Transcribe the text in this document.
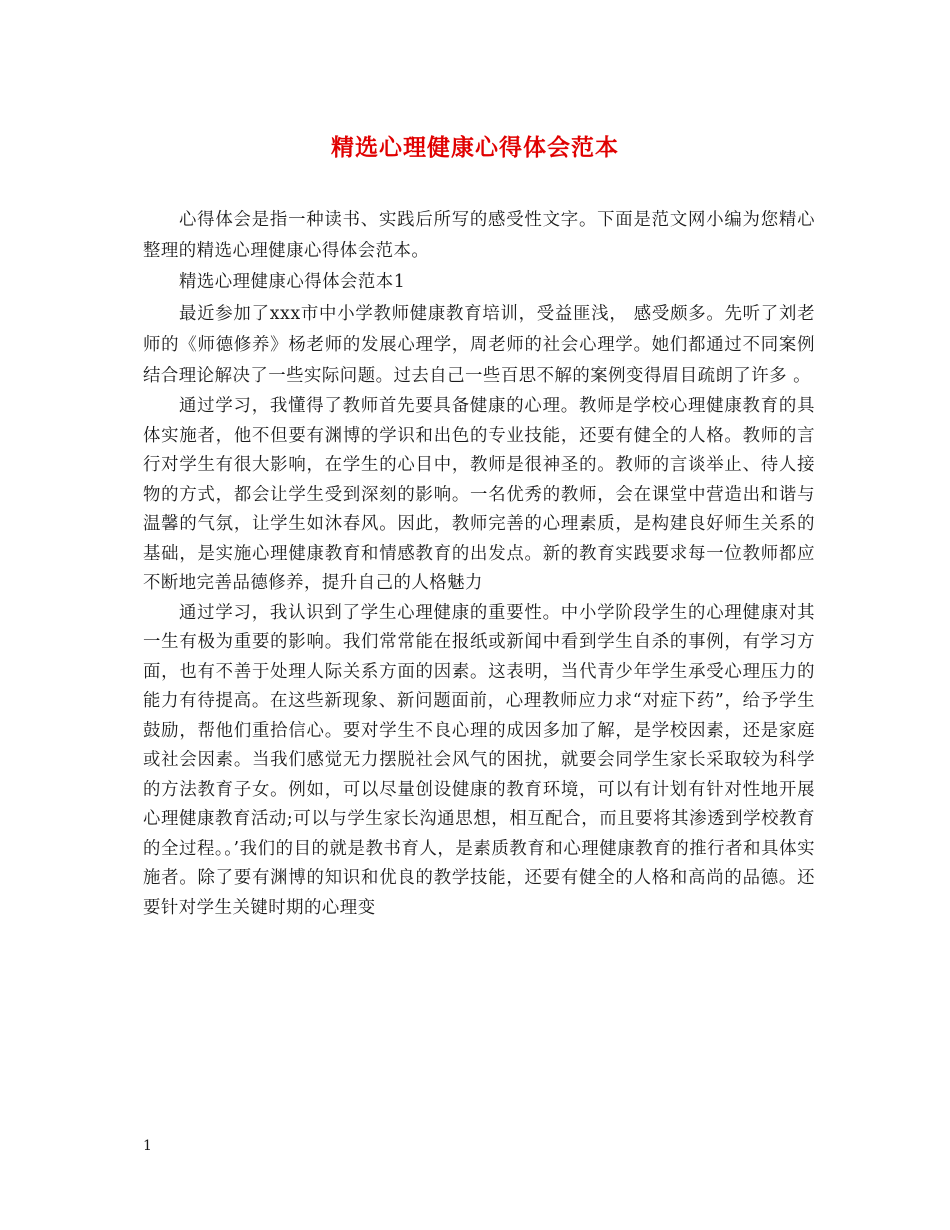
精选心理健康心得体会范本

心得体会是指一种读书、实践后所写的感受性文字。下面是范文网小编为您精心整理的精选心理健康心得体会范本。

精选心理健康心得体会范本1

最近参加了xxx市中小学教师健康教育培训，受益匪浅， 感受颇多。先听了刘老师的《师德修养》杨老师的发展心理学，周老师的社会心理学。她们都通过不同案例结合理论解决了一些实际问题。过去自己一些百思不解的案例变得眉目疏朗了许多 。

通过学习，我懂得了教师首先要具备健康的心理。教师是学校心理健康教育的具体实施者，他不但要有渊博的学识和出色的专业技能，还要有健全的人格。教师的言行对学生有很大影响，在学生的心目中，教师是很神圣的。教师的言谈举止、待人接物的方式，都会让学生受到深刻的影响。一名优秀的教师，会在课堂中营造出和谐与温馨的气氛，让学生如沐春风。因此，教师完善的心理素质，是构建良好师生关系的基础，是实施心理健康教育和情感教育的出发点。新的教育实践要求每一位教师都应不断地完善品德修养，提升自己的人格魅力

通过学习，我认识到了学生心理健康的重要性。中小学阶段学生的心理健康对其一生有极为重要的影响。我们常常能在报纸或新闻中看到学生自杀的事例，有学习方面，也有不善于处理人际关系方面的因素。这表明，当代青少年学生承受心理压力的能力有待提高。在这些新现象、新问题面前，心理教师应力求“对症下药”，给予学生鼓励，帮他们重拾信心。要对学生不良心理的成因多加了解，是学校因素，还是家庭或社会因素。当我们感觉无力摆脱社会风气的困扰，就要会同学生家长采取较为科学的方法教育子女。例如，可以尽量创设健康的教育环境，可以有计划有针对性地开展心理健康教育活动;可以与学生家长沟通思想，相互配合，而且要将其渗透到学校教育的全过程。。’我们的目的就是教书育人，是素质教育和心理健康教育的推行者和具体实施者。除了要有渊博的知识和优良的教学技能，还要有健全的人格和高尚的品德。还要针对学生关键时期的心理变

1
